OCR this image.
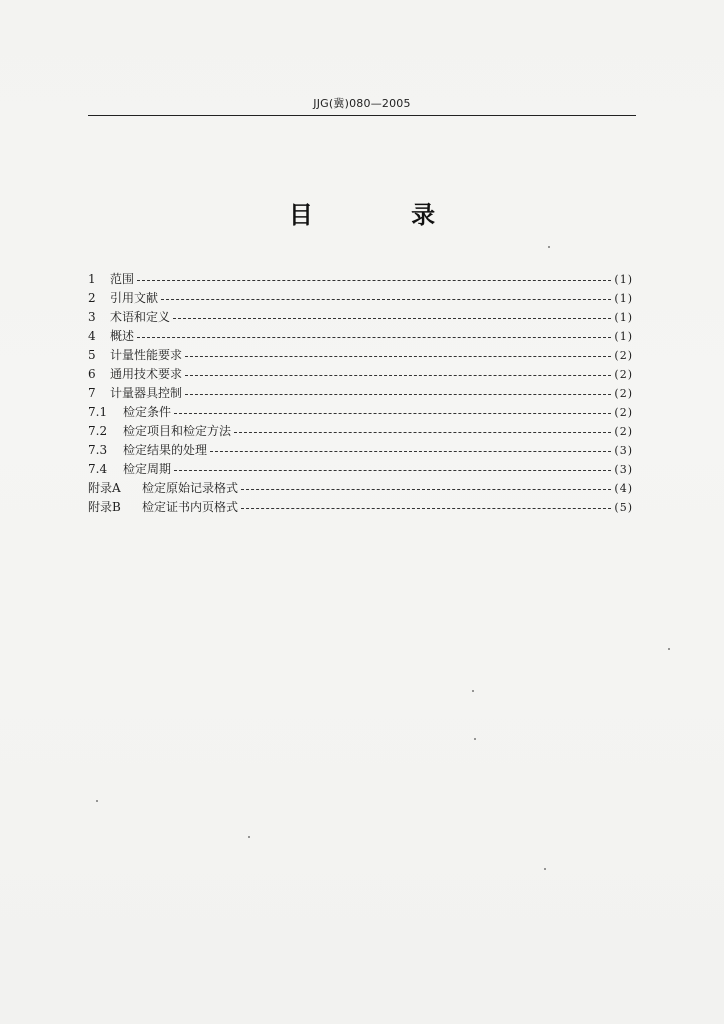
JJG(冀)080—2005
目 录
1	范围	(1)
2	引用文献	(1)
3	术语和定义	(1)
4	概述	(1)
5	计量性能要求	(2)
6	通用技术要求	(2)
7	计量器具控制	(2)
7.1	检定条件	(2)
7.2	检定项目和检定方法	(2)
7.3	检定结果的处理	(3)
7.4	检定周期	(3)
附录A	检定原始记录格式	(4)
附录B	检定证书内页格式	(5)
